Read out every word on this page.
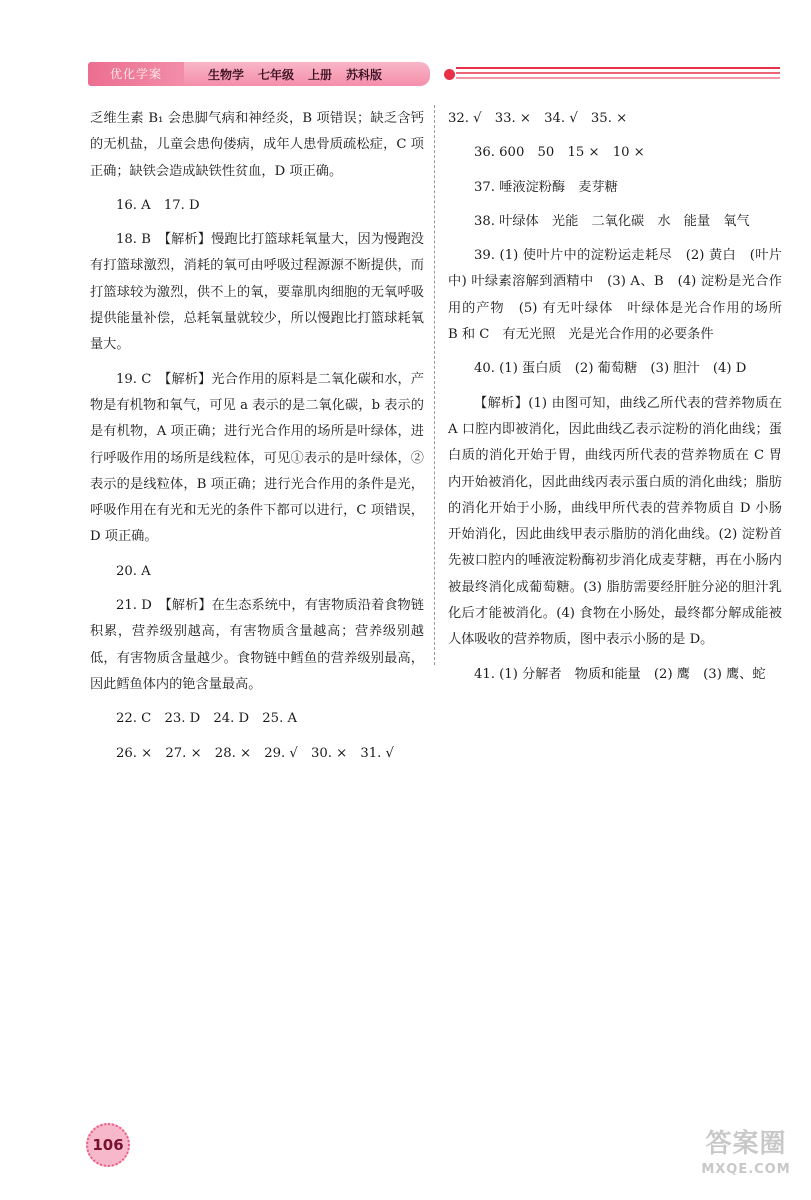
优化学案	生物学 七年级 上册 苏科版

乏维生素 B₁ 会患脚气病和神经炎，B 项错误；缺乏含钙的无机盐，儿童会患佝偻病，成年人患骨质疏松症，C 项正确；缺铁会造成缺铁性贫血，D 项正确。

16. A　17. D

18. B　【解析】慢跑比打篮球耗氧量大，因为慢跑没有打篮球激烈，消耗的氧可由呼吸过程源源不断提供，而打篮球较为激烈，供不上的氧，要靠肌肉细胞的无氧呼吸提供能量补偿，总耗氧量就较少，所以慢跑比打篮球耗氧量大。

19. C　【解析】光合作用的原料是二氧化碳和水，产物是有机物和氧气，可见 a 表示的是二氧化碳，b 表示的是有机物，A 项正确；进行光合作用的场所是叶绿体，进行呼吸作用的场所是线粒体，可见①表示的是叶绿体，②表示的是线粒体，B 项正确；进行光合作用的条件是光，呼吸作用在有光和无光的条件下都可以进行，C 项错误，D 项正确。

20. A

21. D　【解析】在生态系统中，有害物质沿着食物链积累，营养级别越高，有害物质含量越高；营养级别越低，有害物质含量越少。食物链中鳕鱼的营养级别最高，因此鳕鱼体内的铯含量最高。

22. C　23. D　24. D　25. A

26. ×　27. ×　28. ×　29. √　30. ×　31. √

32. √　33. ×　34. √　35. ×

36. 600　50　15 ×　10 ×

37. 唾液淀粉酶　麦芽糖

38. 叶绿体　光能　二氧化碳　水　能量　氧气

39. (1) 使叶片中的淀粉运走耗尽　(2) 黄白　(叶片中) 叶绿素溶解到酒精中　(3) A、B　(4) 淀粉是光合作用的产物　(5) 有无叶绿体　叶绿体是光合作用的场所　B 和 C　有无光照　光是光合作用的必要条件

40. (1) 蛋白质　(2) 葡萄糖　(3) 胆汁　(4) D

【解析】(1) 由图可知，曲线乙所代表的营养物质在 A 口腔内即被消化，因此曲线乙表示淀粉的消化曲线；蛋白质的消化开始于胃，曲线丙所代表的营养物质在 C 胃内开始被消化，因此曲线丙表示蛋白质的消化曲线；脂肪的消化开始于小肠，曲线甲所代表的营养物质自 D 小肠开始消化，因此曲线甲表示脂肪的消化曲线。(2) 淀粉首先被口腔内的唾液淀粉酶初步消化成麦芽糖，再在小肠内被最终消化成葡萄糖。(3) 脂肪需要经肝脏分泌的胆汁乳化后才能被消化。(4) 食物在小肠处，最终都分解成能被人体吸收的营养物质，图中表示小肠的是 D。

41. (1) 分解者　物质和能量　(2) 鹰　(3) 鹰、蛇

106	答案圈
MXQE.COM
